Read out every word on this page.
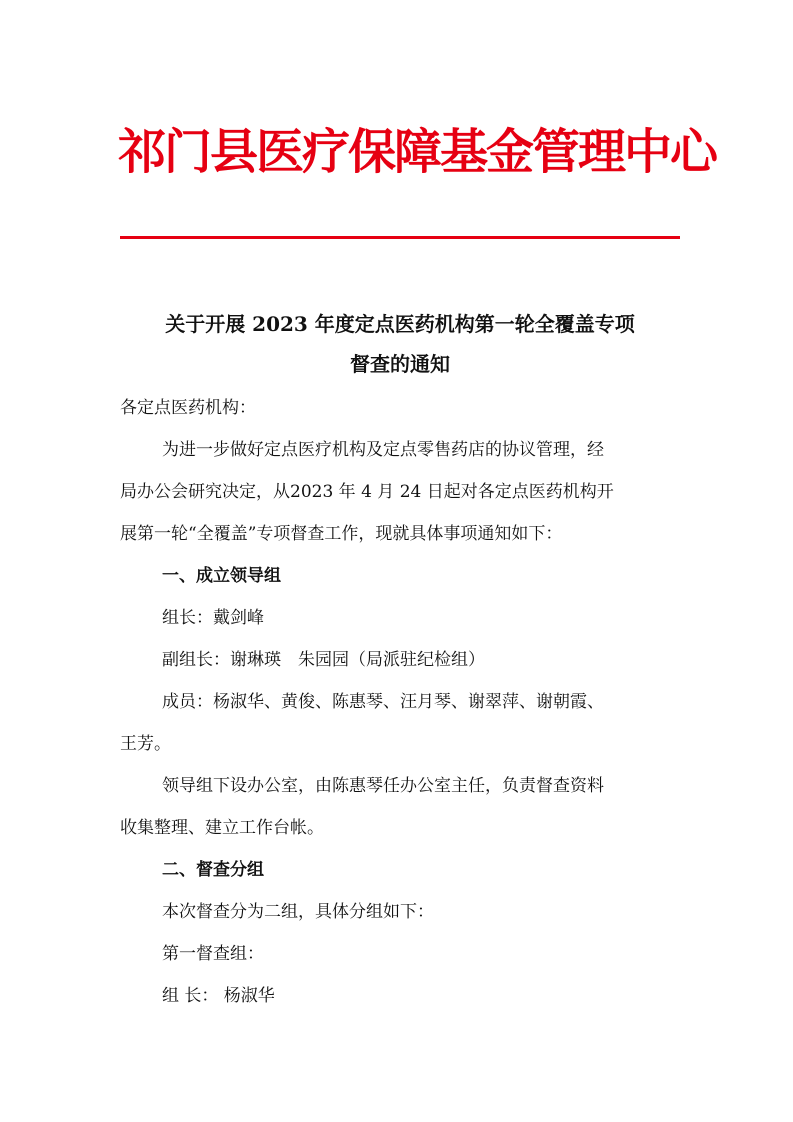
祁门县医疗保障基金管理中心
关于开展 2023 年度定点医药机构第一轮全覆盖专项
督查的通知
各定点医药机构：
为进一步做好定点医疗机构及定点零售药店的协议管理，经
局办公会研究决定，从2023 年 4 月 24 日起对各定点医药机构开
展第一轮“全覆盖”专项督查工作，现就具体事项通知如下：
一、成立领导组
组长：戴剑峰
副组长：谢琳瑛　朱园园（局派驻纪检组）
成员：杨淑华、黄俊、陈惠琴、汪月琴、谢翠萍、谢朝霞、
王芳。
领导组下设办公室，由陈惠琴任办公室主任，负责督查资料
收集整理、建立工作台帐。
二、督查分组
本次督查分为二组，具体分组如下：
第一督查组：
组 长： 杨淑华
